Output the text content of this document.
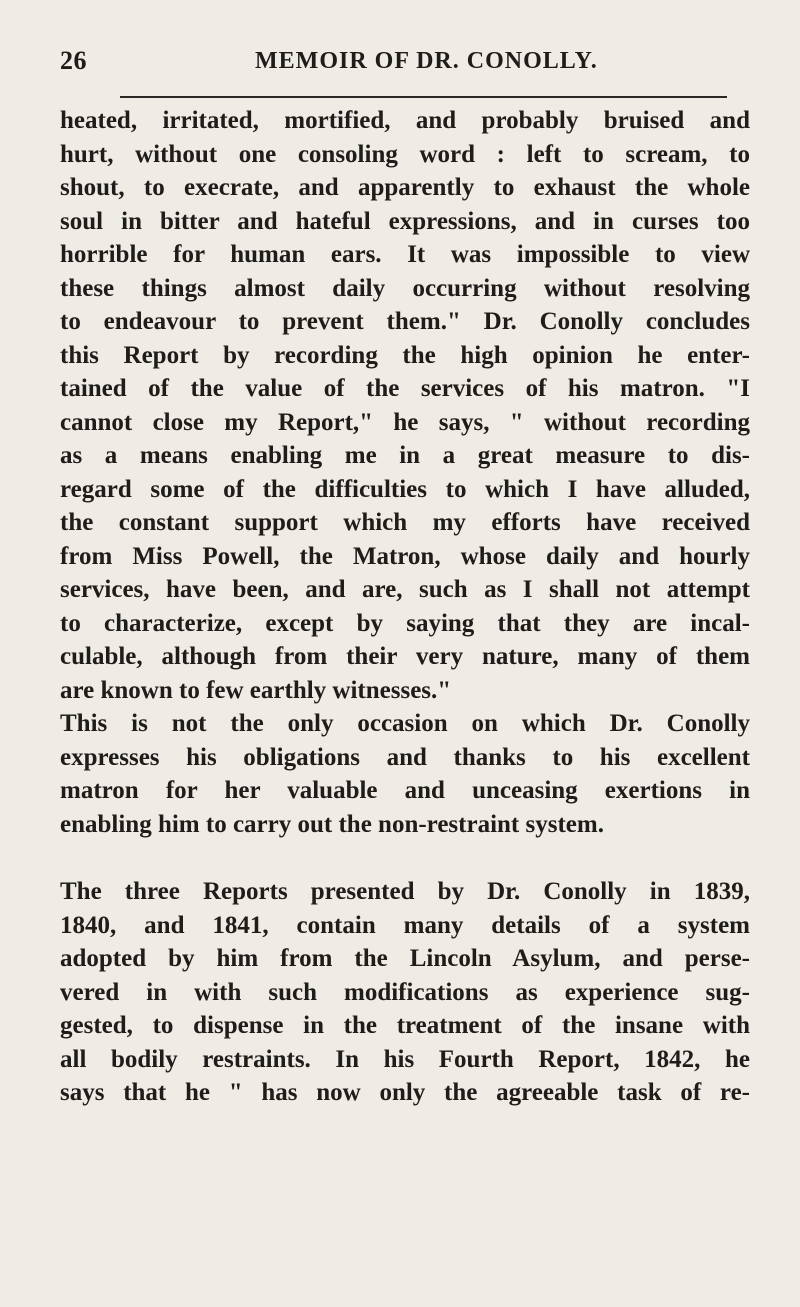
26	MEMOIR OF DR. CONOLLY.
heated, irritated, mortified, and probably bruised and
hurt, without one consoling word : left to scream, to
shout, to execrate, and apparently to exhaust the whole
soul in bitter and hateful expressions, and in curses too
horrible for human ears. It was impossible to view
these things almost daily occurring without resolving
to endeavour to prevent them." Dr. Conolly concludes
this Report by recording the high opinion he enter-
tained of the value of the services of his matron. "I
cannot close my Report," he says, " without recording
as a means enabling me in a great measure to dis-
regard some of the difficulties to which I have alluded,
the constant support which my efforts have received
from Miss Powell, the Matron, whose daily and hourly
services, have been, and are, such as I shall not attempt
to characterize, except by saying that they are incal-
culable, although from their very nature, many of them
are known to few earthly witnesses."
This is not the only occasion on which Dr. Conolly
expresses his obligations and thanks to his excellent
matron for her valuable and unceasing exertions in
enabling him to carry out the non-restraint system.
The three Reports presented by Dr. Conolly in 1839,
1840, and 1841, contain many details of a system
adopted by him from the Lincoln Asylum, and perse-
vered in with such modifications as experience sug-
gested, to dispense in the treatment of the insane with
all bodily restraints. In his Fourth Report, 1842, he
says that he " has now only the agreeable task of re-
